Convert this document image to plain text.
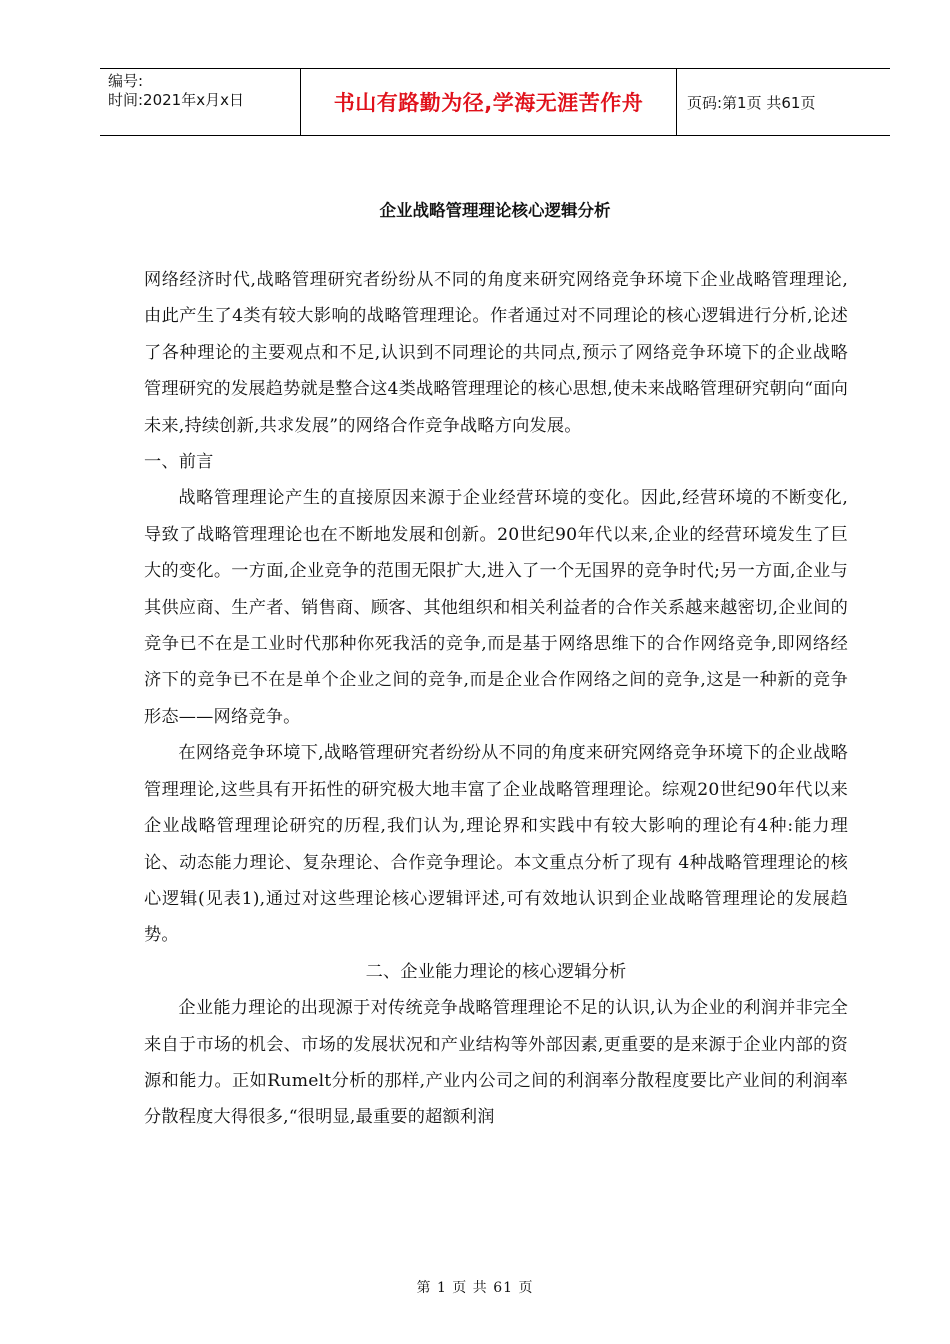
编号:
时间:2021年x月x日	书山有路勤为径,学海无涯苦作舟	页码:第1页 共61页
企业战略管理理论核心逻辑分析

网络经济时代,战略管理研究者纷纷从不同的角度来研究网络竞争环境下企业战略管理理论,由此产生了4类有较大影响的战略管理理论。作者通过对不同理论的核心逻辑进行分析,论述了各种理论的主要观点和不足,认识到不同理论的共同点,预示了网络竞争环境下的企业战略管理研究的发展趋势就是整合这4类战略管理理论的核心思想,使未来战略管理研究朝向“面向未来,持续创新,共求发展”的网络合作竞争战略方向发展。

一、前言

战略管理理论产生的直接原因来源于企业经营环境的变化。因此,经营环境的不断变化,导致了战略管理理论也在不断地发展和创新。20世纪90年代以来,企业的经营环境发生了巨大的变化。一方面,企业竞争的范围无限扩大,进入了一个无国界的竞争时代;另一方面,企业与其供应商、生产者、销售商、顾客、其他组织和相关利益者的合作关系越来越密切,企业间的竞争已不在是工业时代那种你死我活的竞争,而是基于网络思维下的合作网络竞争,即网络经济下的竞争已不在是单个企业之间的竞争,而是企业合作网络之间的竞争,这是一种新的竞争形态——网络竞争。

在网络竞争环境下,战略管理研究者纷纷从不同的角度来研究网络竞争环境下的企业战略管理理论,这些具有开拓性的研究极大地丰富了企业战略管理理论。综观20世纪90年代以来企业战略管理理论研究的历程,我们认为,理论界和实践中有较大影响的理论有4种:能力理论、动态能力理论、复杂理论、合作竞争理论。本文重点分析了现有 4种战略管理理论的核心逻辑(见表1),通过对这些理论核心逻辑评述,可有效地认识到企业战略管理理论的发展趋势。

二、企业能力理论的核心逻辑分析

企业能力理论的出现源于对传统竞争战略管理理论不足的认识,认为企业的利润并非完全来自于市场的机会、市场的发展状况和产业结构等外部因素,更重要的是来源于企业内部的资源和能力。正如Rumelt分析的那样,产业内公司之间的利润率分散程度要比产业间的利润率分散程度大得很多,“很明显,最重要的超额利润

第 1 页 共 61 页
